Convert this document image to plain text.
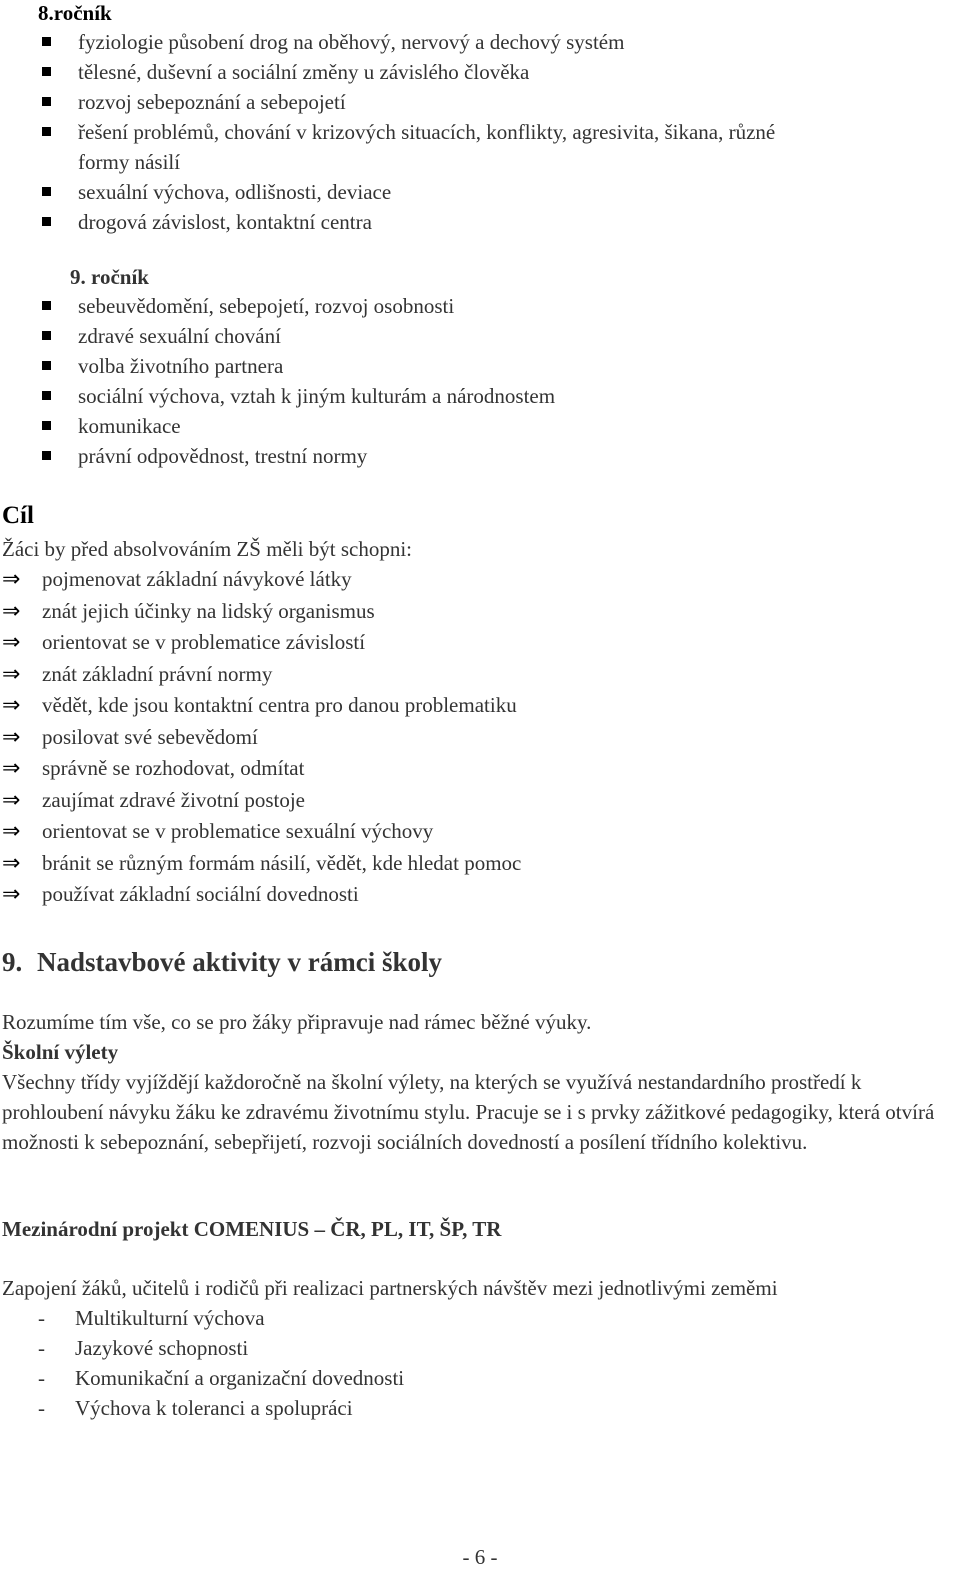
8.ročník
fyziologie působení drog na oběhový, nervový a dechový systém
tělesné, duševní a sociální změny u závislého člověka
rozvoj sebepoznání a sebepojetí
řešení problémů, chování v krizových situacích, konflikty, agresivita, šikana, různé
formy násilí
sexuální výchova, odlišnosti, deviace
drogová závislost, kontaktní centra
9. ročník
sebeuvědomění, sebepojetí, rozvoj osobnosti
zdravé sexuální chování
volba životního partnera
sociální výchova, vztah k jiným kulturám a národnostem
komunikace
právní odpovědnost, trestní normy
Cíl
Žáci by před absolvováním ZŠ měli být schopni:
⇒ pojmenovat základní návykové látky
⇒ znát jejich účinky na lidský organismus
⇒ orientovat se v problematice závislostí
⇒ znát základní právní normy
⇒ vědět, kde jsou kontaktní centra pro danou problematiku
⇒ posilovat své sebevědomí
⇒ správně se rozhodovat, odmítat
⇒ zaujímat zdravé životní postoje
⇒ orientovat se v problematice sexuální výchovy
⇒ bránit se různým formám násilí, vědět, kde hledat pomoc
⇒ používat základní sociální dovednosti
9. Nadstavbové aktivity v rámci školy
Rozumíme tím vše, co se pro žáky připravuje nad rámec běžné výuky.
Školní výlety
Všechny třídy vyjíždějí každoročně na školní výlety, na kterých se využívá nestandardního prostředí k prohloubení návyku žáku ke zdravému životnímu stylu. Pracuje se i s prvky zážitkové pedagogiky, která otvírá možnosti k sebepoznání, sebepřijetí, rozvoji sociálních dovedností a posílení třídního kolektivu.
Mezinárodní projekt COMENIUS – ČR, PL, IT, ŠP, TR
Zapojení žáků, učitelů i rodičů při realizaci partnerských návštěv mezi jednotlivými zeměmi
- Multikulturní výchova
- Jazykové schopnosti
- Komunikační a organizační dovednosti
- Výchova k toleranci a spolupráci
- 6 -
